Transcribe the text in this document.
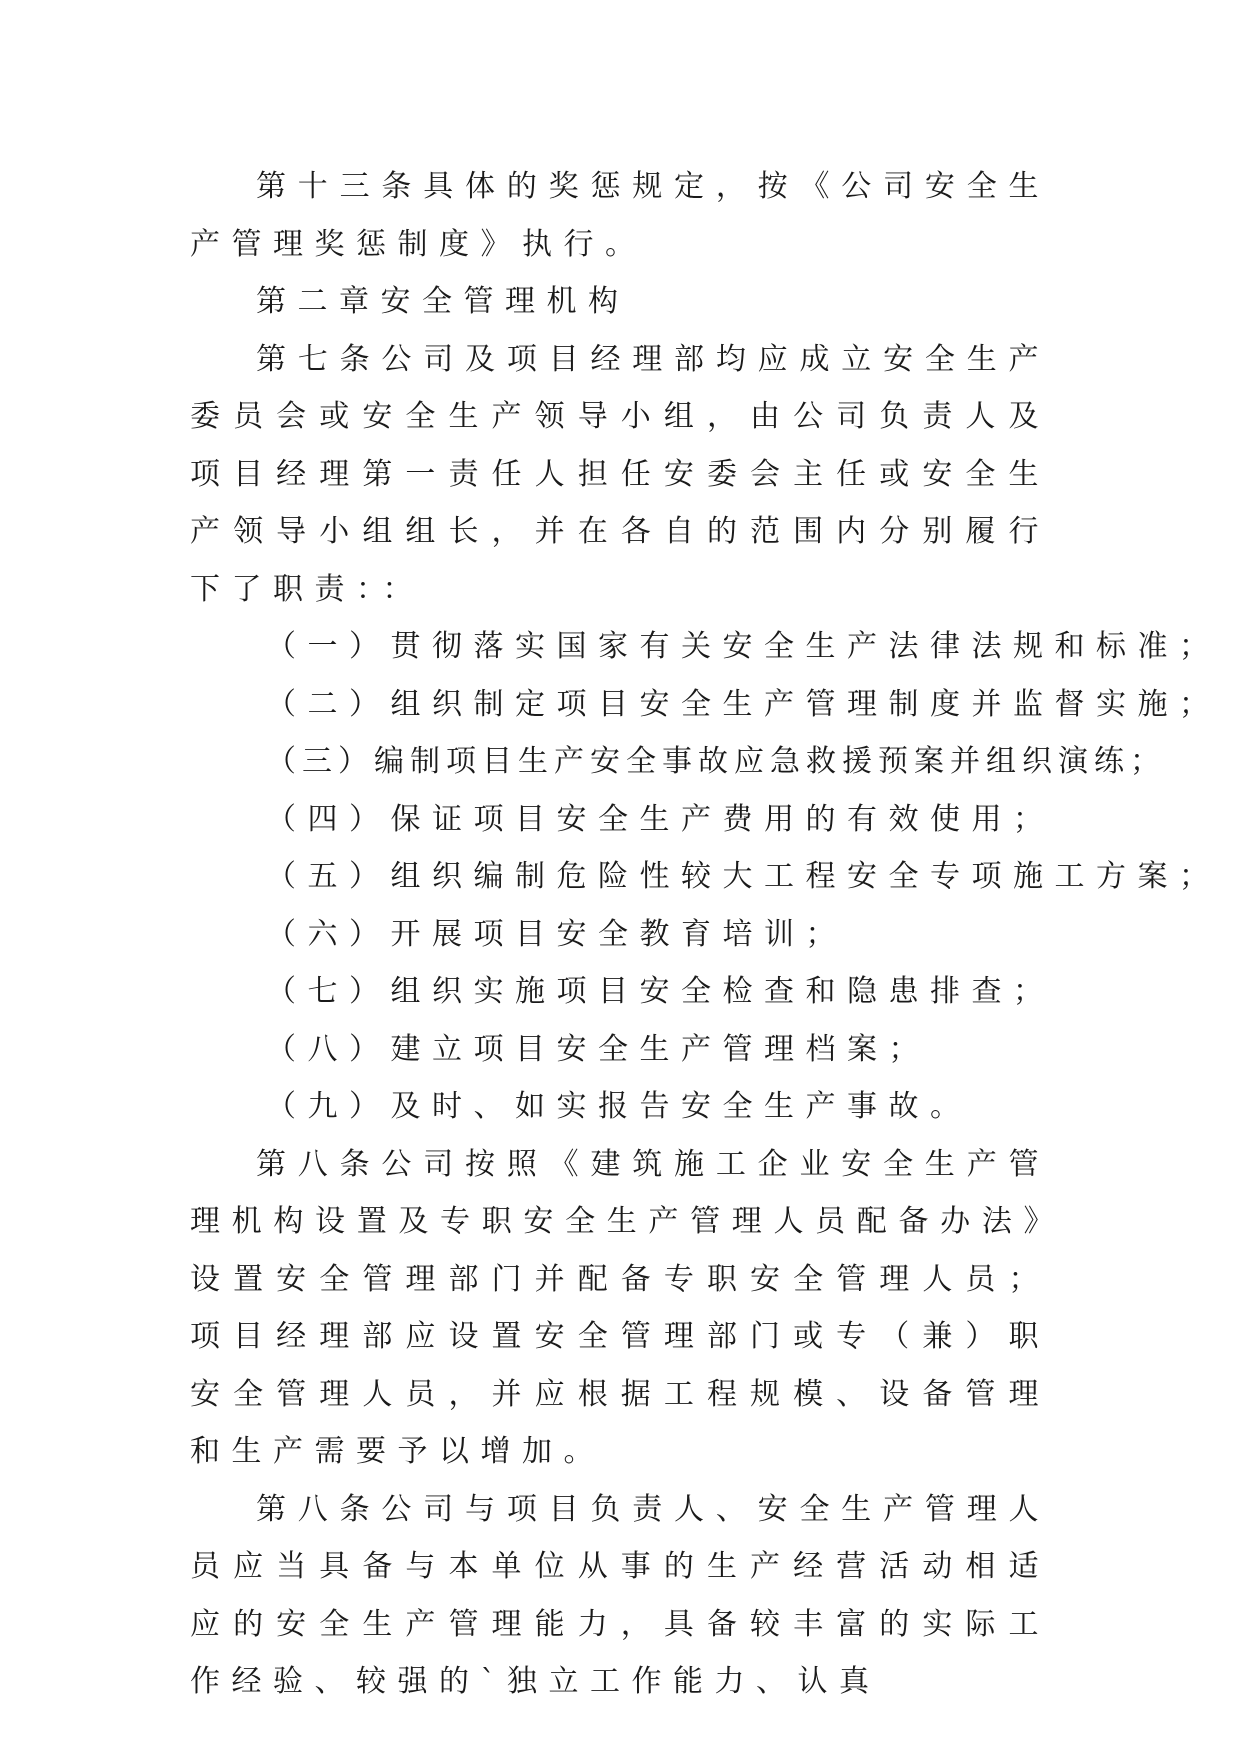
第十三条具体的奖惩规定，按《公司安全生产管理奖惩制度》执行。

第二章安全管理机构

第七条公司及项目经理部均应成立安全生产委员会或安全生产领导小组，由公司负责人及项目经理第一责任人担任安委会主任或安全生产领导小组组长，并在各自的范围内分别履行下了职责：：

（一）贯彻落实国家有关安全生产法律法规和标准；

（二）组织制定项目安全生产管理制度并监督实施；

（三）编制项目生产安全事故应急救援预案并组织演练；

（四）保证项目安全生产费用的有效使用；

（五）组织编制危险性较大工程安全专项施工方案；

（六）开展项目安全教育培训；

（七）组织实施项目安全检查和隐患排查；

（八）建立项目安全生产管理档案；

（九）及时、如实报告安全生产事故。

第八条公司按照《建筑施工企业安全生产管理机构设置及专职安全生产管理人员配备办法》设置安全管理部门并配备专职安全管理人员；项目经理部应设置安全管理部门或专（兼）职安全管理人员，并应根据工程规模、设备管理和生产需要予以增加。

第八条公司与项目负责人、安全生产管理人员应当具备与本单位从事的生产经营活动相适应的安全生产管理能力，具备较丰富的实际工作经验、较强的`独立工作能力、认真
